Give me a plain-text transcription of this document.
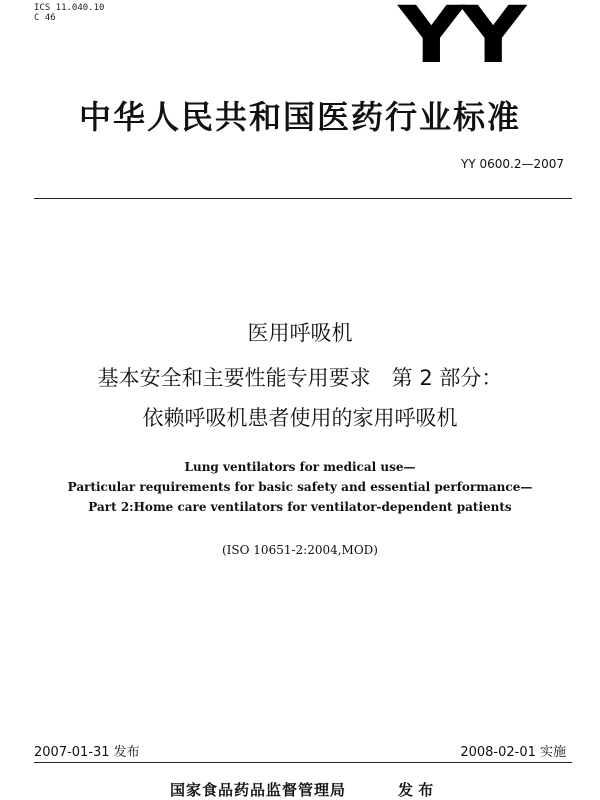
ICS 11.040.10
C 46	YY
中华人民共和国医药行业标准
YY 0600.2—2007
医用呼吸机
基本安全和主要性能专用要求　第 2 部分：
依赖呼吸机患者使用的家用呼吸机
Lung ventilators for medical use—
Particular requirements for basic safety and essential performance—
Part 2:Home care ventilators for ventilator-dependent patients
(ISO 10651-2:2004,MOD)
2007-01-31 发布	2008-02-01 实施
国家食品药品监督管理局	发 布
